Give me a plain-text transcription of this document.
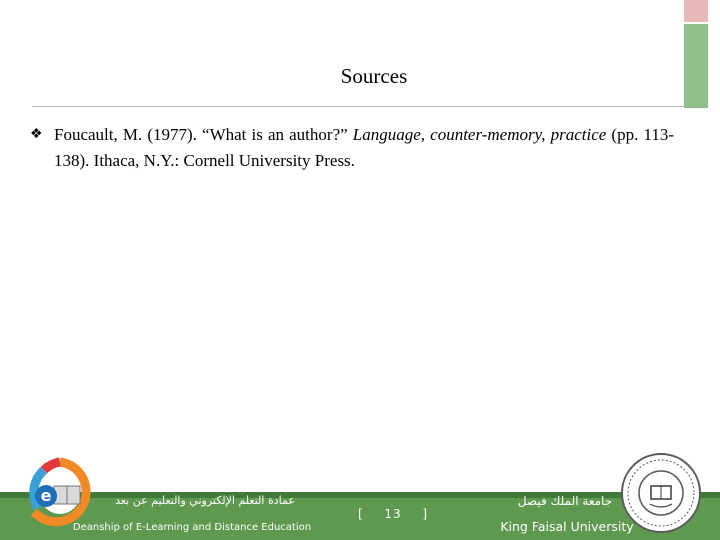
Sources
❖ Foucault, M. (1977). “What is an author?” Language, counter-memory, practice (pp. 113-138). Ithaca, N.Y.: Cornell University Press.
e	عمادة التعلم الإلكتروني والتعليم عن بعد
Deanship of E-Learning and Distance Education
[ 13 ]
جامعة الملك فيصل
King Faisal University
